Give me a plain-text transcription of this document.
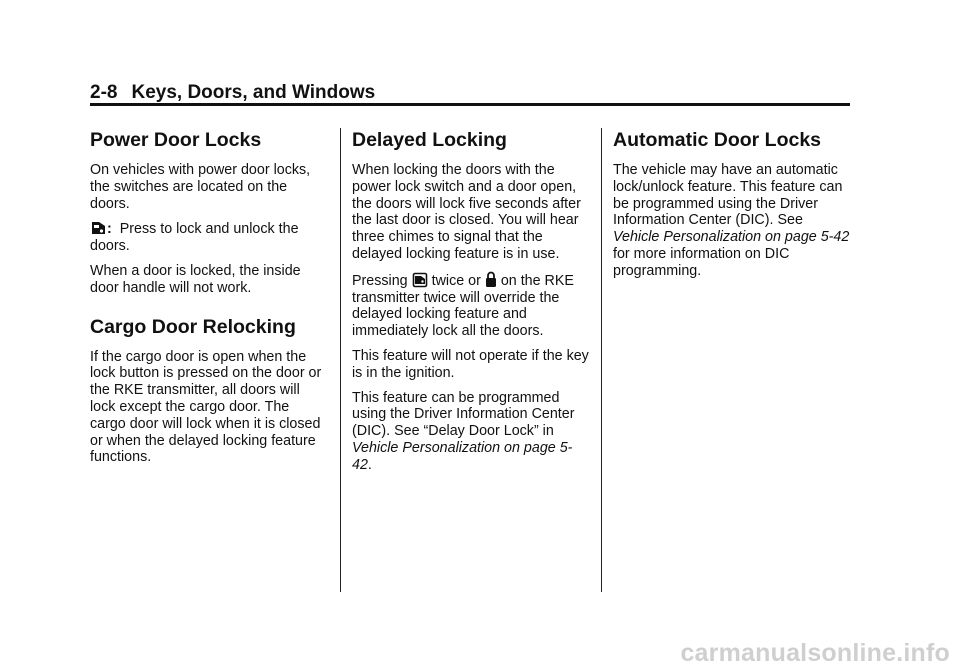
2-8 Keys, Doors, and Windows
Power Door Locks

On vehicles with power door locks, the switches are located on the doors.

: Press to lock and unlock the doors.

When a door is locked, the inside door handle will not work.

Cargo Door Relocking

If the cargo door is open when the lock button is pressed on the door or the RKE transmitter, all doors will lock except the cargo door. The cargo door will lock when it is closed or when the delayed locking feature functions.

Delayed Locking

When locking the doors with the power lock switch and a door open, the doors will lock five seconds after the last door is closed. You will hear three chimes to signal that the delayed locking feature is in use.

Pressing twice or on the RKE transmitter twice will override the delayed locking feature and immediately lock all the doors.

This feature will not operate if the key is in the ignition.

This feature can be programmed using the Driver Information Center (DIC). See “Delay Door Lock” in Vehicle Personalization on page 5-42.

Automatic Door Locks

The vehicle may have an automatic lock/unlock feature. This feature can be programmed using the Driver Information Center (DIC). See Vehicle Personalization on page 5-42 for more information on DIC programming.

carmanualsonline.info
